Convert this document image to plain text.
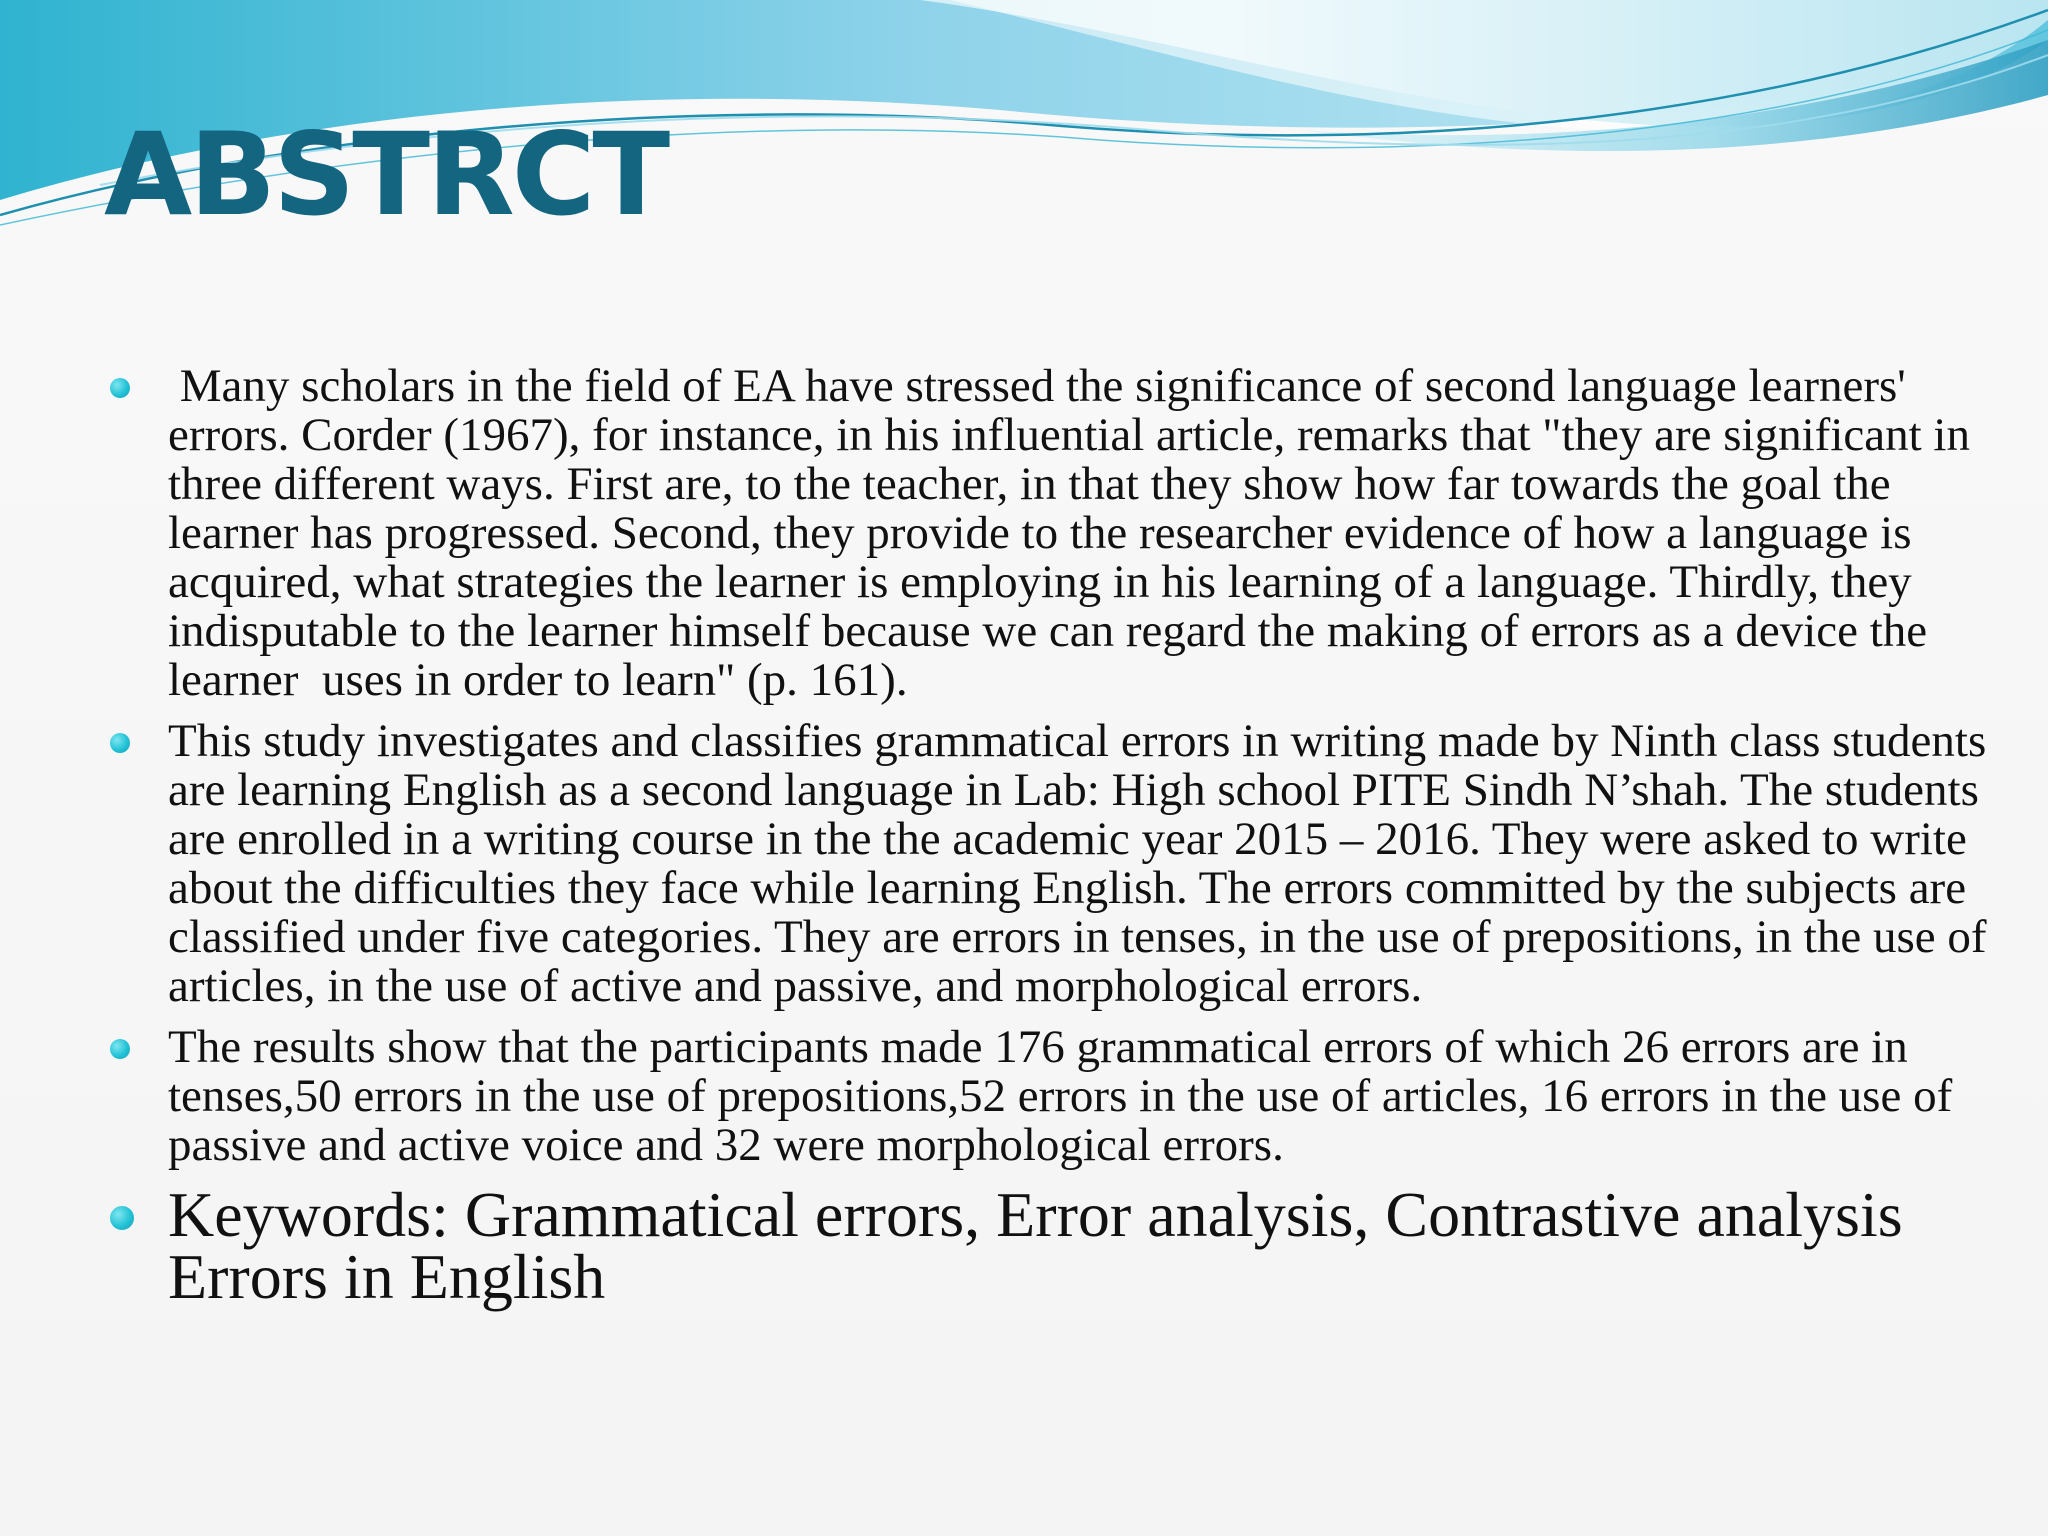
ABSTRCT
Many scholars in the field of EA have stressed the significance of second language learners' errors. Corder (1967), for instance, in his influential article, remarks that "they are significant in three different ways. First are, to the teacher, in that they show how far towards the goal the learner has progressed. Second, they provide to the researcher evidence of how a language is acquired, what strategies the learner is employing in his learning of a language. Thirdly, they indisputable to the learner himself because we can regard the making of errors as a device the learner  uses in order to learn" (p. 161).
This study investigates and classifies grammatical errors in writing made by Ninth class students are learning English as a second language in Lab: High school PITE Sindh N’shah. The students are enrolled in a writing course in the the academic year 2015 – 2016. They were asked to write about the difficulties they face while learning English. The errors committed by the subjects are classified under five categories. They are errors in tenses, in the use of prepositions, in the use of articles, in the use of active and passive, and morphological errors.
The results show that the participants made 176 grammatical errors of which 26 errors are in tenses,50 errors in the use of prepositions,52 errors in the use of articles, 16 errors in the use of passive and active voice and 32 were morphological errors.
Keywords: Grammatical errors, Error analysis, Contrastive analysis Errors in English
